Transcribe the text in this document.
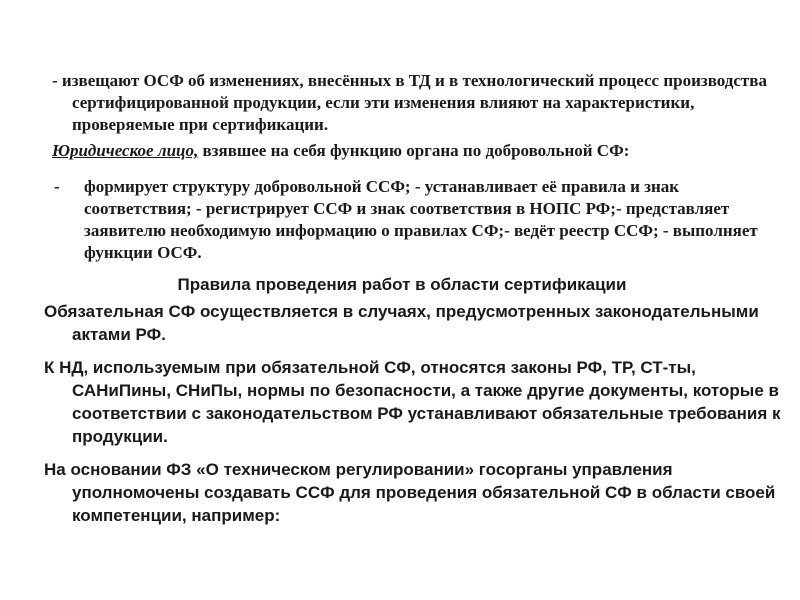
- извещают ОСФ об изменениях, внесённых в ТД и в технологический процесс производства сертифицированной продукции, если эти изменения влияют на характеристики, проверяемые при сертификации.
Юридическое лицо, взявшее на себя функцию органа по добровольной СФ:
-	формирует структуру добровольной ССФ; - устанавливает её правила и знак соответствия; - регистрирует ССФ и знак соответствия в НОПС РФ;- представляет заявителю необходимую информацию о правилах СФ;- ведёт реестр ССФ; - выполняет функции ОСФ.
Правила проведения работ в области сертификации
Обязательная СФ осуществляется в случаях, предусмотренных законодательными актами РФ.
К НД, используемым при обязательной СФ, относятся законы РФ, ТР, СТ-ты, САНиПины, СНиПы, нормы по безопасности, а также другие документы, которые в соответствии с законодательством РФ устанавливают обязательные требования к продукции.
На основании ФЗ «О техническом регулировании» госорганы управления уполномочены создавать ССФ для проведения обязательной СФ в области своей компетенции, например:
